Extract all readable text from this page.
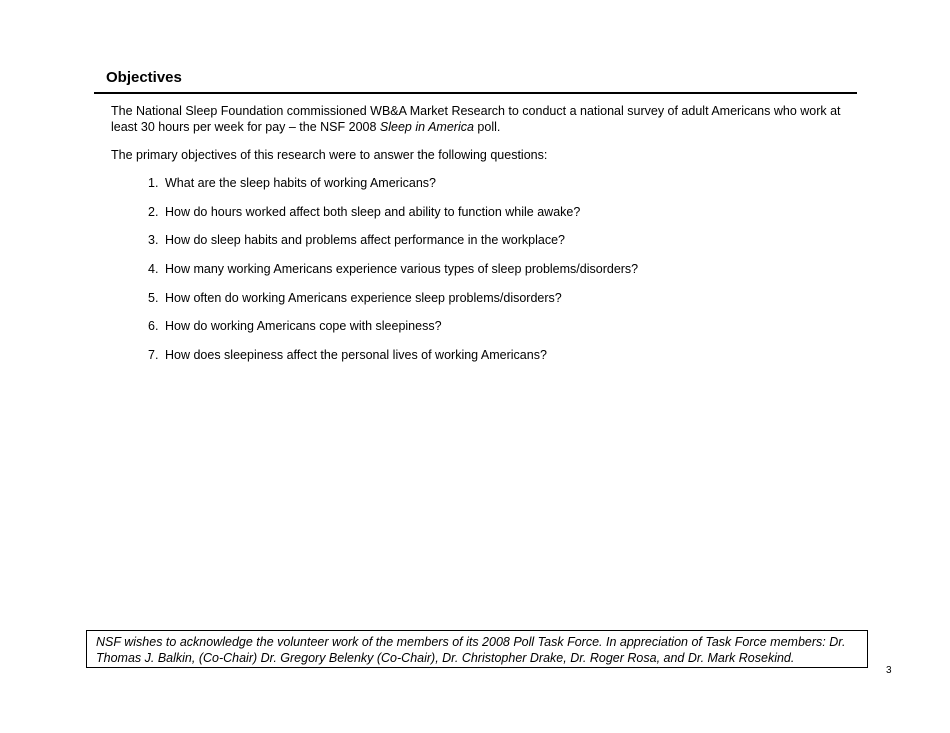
Objectives

The National Sleep Foundation commissioned WB&A Market Research to conduct a national survey of adult Americans who work at least 30 hours per week for pay – the NSF 2008 Sleep in America poll.

The primary objectives of this research were to answer the following questions:

1. What are the sleep habits of working Americans?
2. How do hours worked affect both sleep and ability to function while awake?
3. How do sleep habits and problems affect performance in the workplace?
4. How many working Americans experience various types of sleep problems/disorders?
5. How often do working Americans experience sleep problems/disorders?
6. How do working Americans cope with sleepiness?
7. How does sleepiness affect the personal lives of working Americans?
NSF wishes to acknowledge the volunteer work of the members of its 2008 Poll Task Force. In appreciation of Task Force members: Dr. Thomas J. Balkin, (Co-Chair) Dr. Gregory Belenky (Co-Chair), Dr. Christopher Drake, Dr. Roger Rosa, and Dr. Mark Rosekind.
3
